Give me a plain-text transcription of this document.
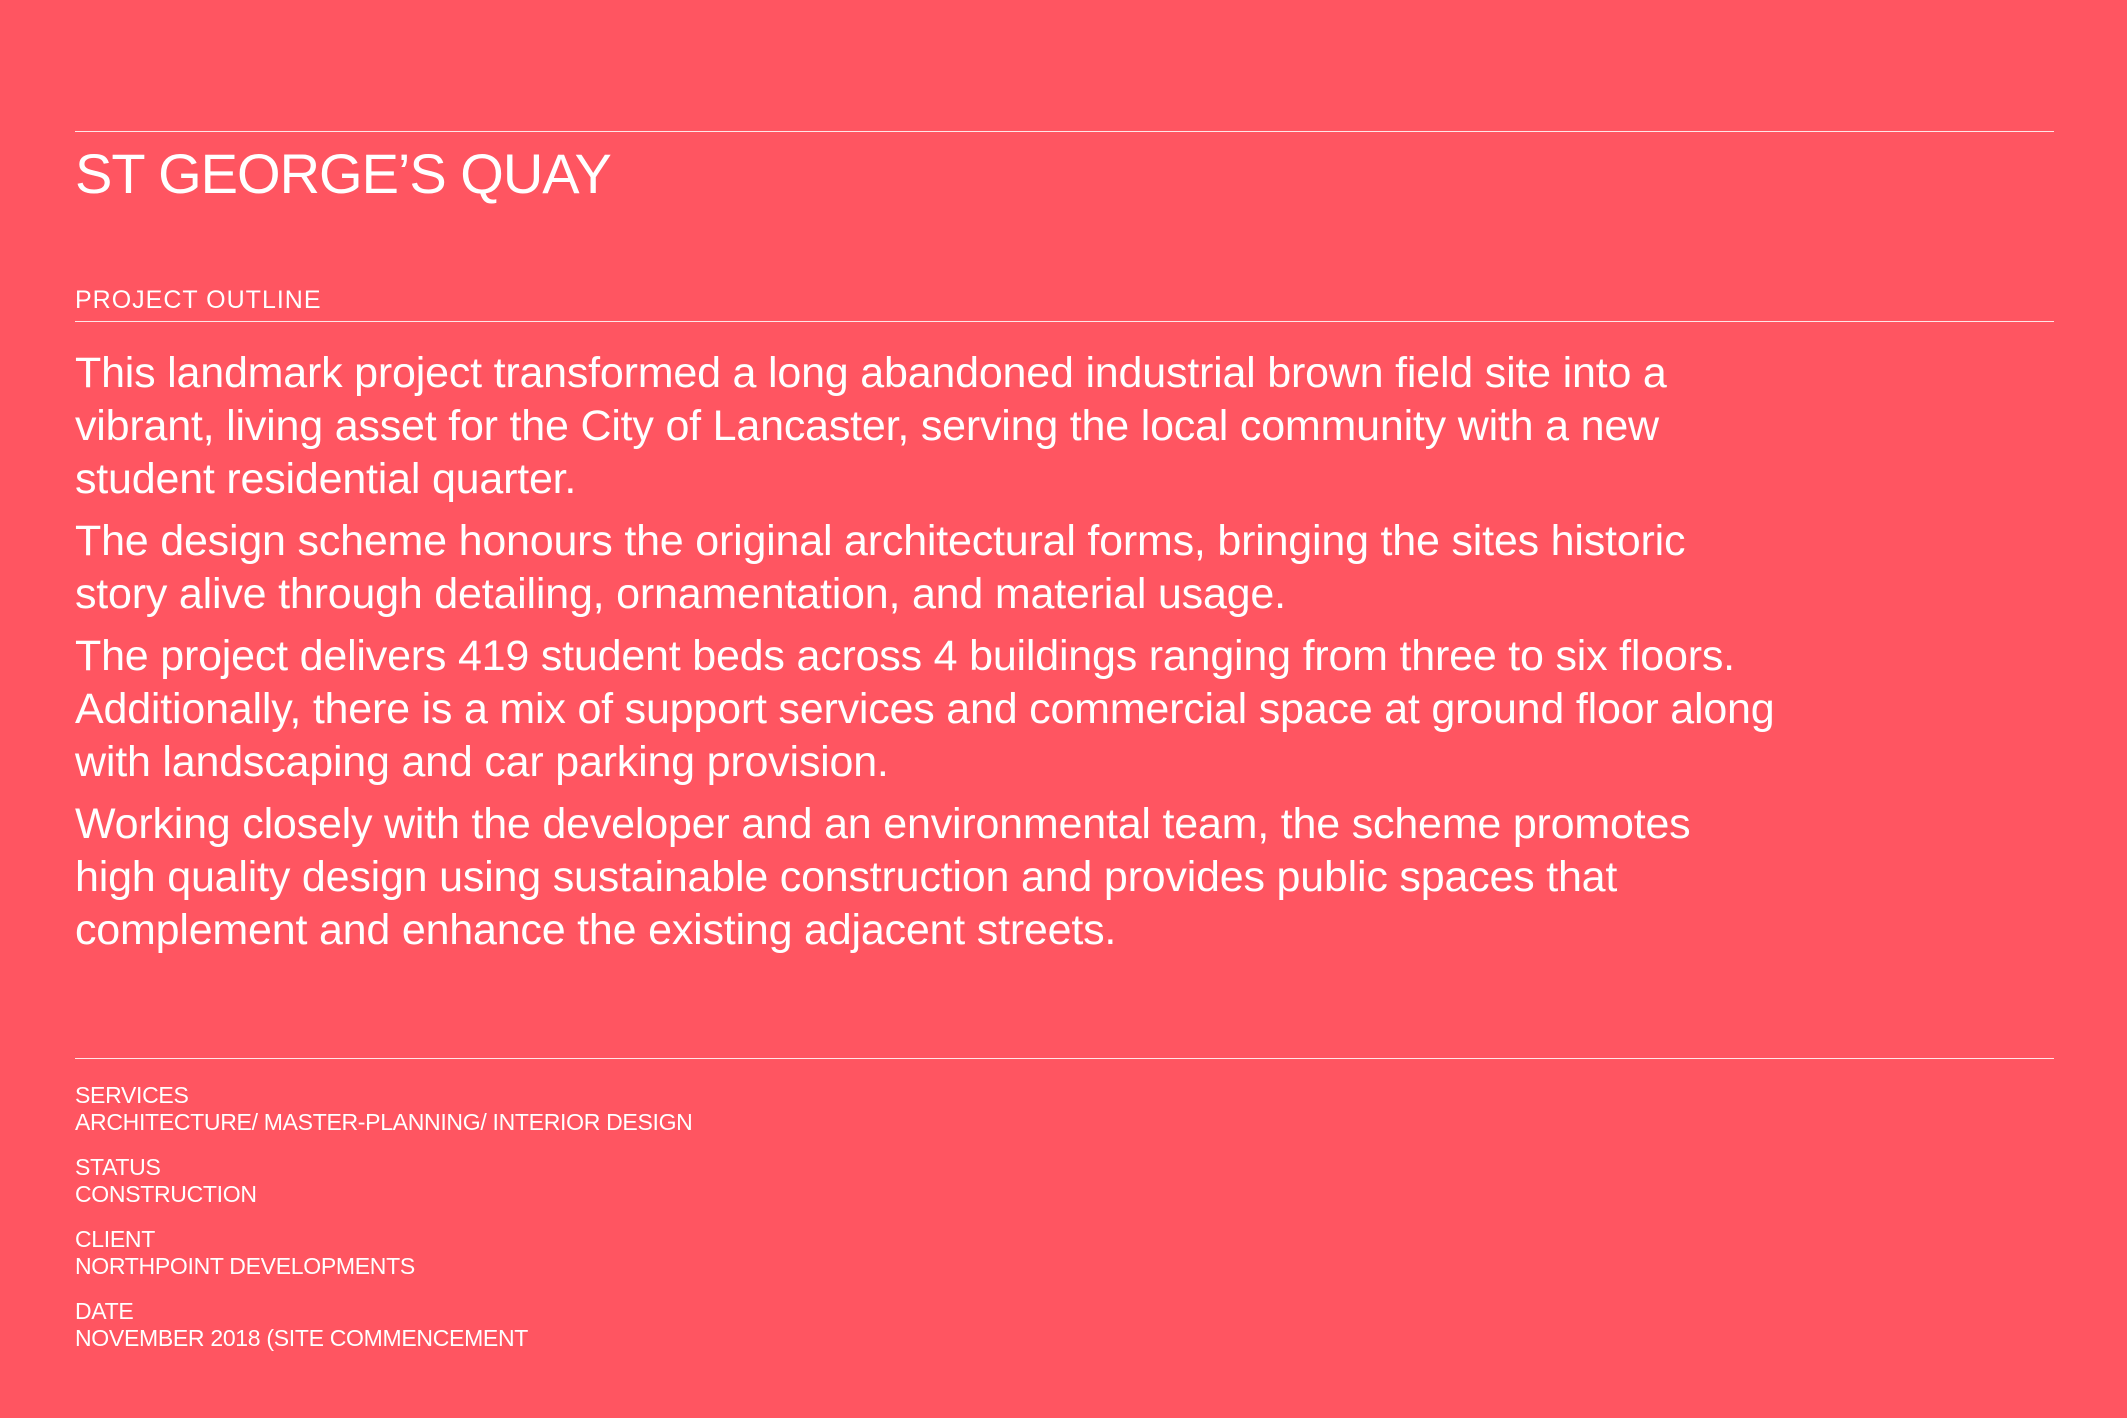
ST GEORGE’S QUAY
PROJECT OUTLINE

This landmark project transformed a long abandoned industrial brown field site into a vibrant, living asset for the City of Lancaster, serving the local community with a new student residential quarter.

The design scheme honours the original architectural forms, bringing the sites historic story alive through detailing, ornamentation, and material usage.

The project delivers 419 student beds across 4 buildings ranging from three to six floors. Additionally, there is a mix of support services and commercial space at ground floor along with landscaping and car parking provision.

Working closely with the developer and an environmental team, the scheme promotes high quality design using sustainable construction and provides public spaces that complement and enhance the existing adjacent streets.

SERVICES
ARCHITECTURE/ MASTER-PLANNING/ INTERIOR DESIGN
STATUS
CONSTRUCTION
CLIENT
NORTHPOINT DEVELOPMENTS
DATE
NOVEMBER 2018 (SITE COMMENCEMENT
